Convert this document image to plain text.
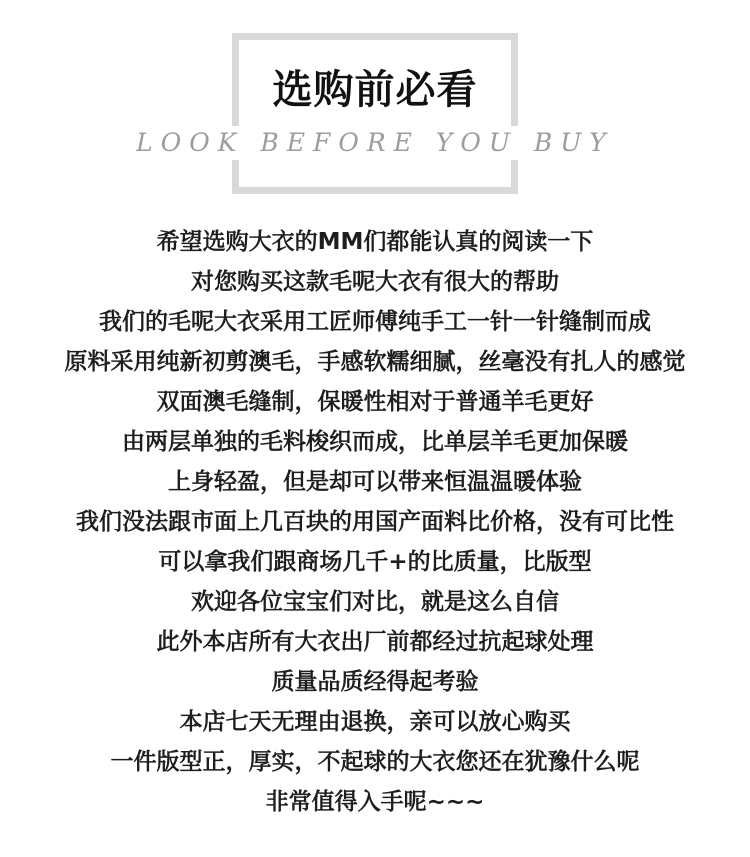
选购前必看
LOOK BEFORE YOU BUY
希望选购大衣的MM们都能认真的阅读一下
对您购买这款毛呢大衣有很大的帮助
我们的毛呢大衣采用工匠师傅纯手工一针一针缝制而成
原料采用纯新初剪澳毛，手感软糯细腻，丝毫没有扎人的感觉
双面澳毛缝制，保暖性相对于普通羊毛更好
由两层单独的毛料梭织而成，比单层羊毛更加保暖
上身轻盈，但是却可以带来恒温温暖体验
我们没法跟市面上几百块的用国产面料比价格，没有可比性
可以拿我们跟商场几千+的比质量，比版型
欢迎各位宝宝们对比，就是这么自信
此外本店所有大衣出厂前都经过抗起球处理
质量品质经得起考验
本店七天无理由退换，亲可以放心购买
一件版型正，厚实，不起球的大衣您还在犹豫什么呢
非常值得入手呢~~~
